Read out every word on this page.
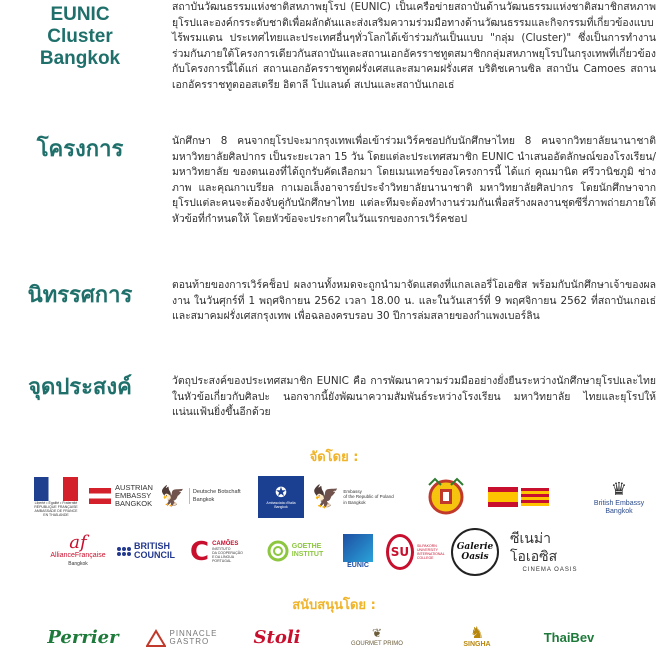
EUNIC
Cluster
Bangkok
สถาบันวัฒนธรรมแห่งชาติสหภาพยุโรป (EUNIC) เป็นเครือข่ายสถาบันด้านวัฒนธรรมแห่งชาติสมาชิกสหภาพยุโรปและองค์กรระดับชาติเพื่อผลักดันและส่งเสริมความร่วมมือทางด้านวัฒนธรรมและกิจกรรมที่เกี่ยวข้องแบบไร้พรมแดน ประเทศไทยและประเทศอื่นๆทั่วโลกได้เข้าร่วมกันเป็นแบบ "กลุ่ม (Cluster)" ซึ่งเป็นการทำงานร่วมกันภายใต้โครงการเดียวกันสถาบันและสถานเอกอัครราชทูตสมาชิกกลุ่มสหภาพยุโรปในกรุงเทพที่เกี่ยวข้องกับโครงการนี้ได้แก่ สถานเอกอัครราชทูตฝรั่งเศสและสมาคมฝรั่งเศส บริติชเคานซิล สถาบัน Camoes สถานเอกอัครราชทูตออสเตรีย อิตาลี โปแลนด์ สเปนและสถาบันเกอเธ่
โครงการ	นักศึกษา 8 คนจากยุโรปจะมากรุงเทพเพื่อเข้าร่วมเวิร์คชอปกับนักศึกษาไทย 8 คนจากวิทยาลัยนานาชาติ มหาวิทยาลัยศิลปากร เป็นระยะเวลา 15 วัน โดยแต่ละประเทศสมาชิก EUNIC นำเสนออัตลักษณ์ของโรงเรียน/ มหาวิทยาลัย ของตนเองที่ได้ถูกรับคัดเลือกมา โดยเมนเทอร์ของโครงการนี้ ได้แก่ คุณมานิต ศรีวานิชภูมิ ช่างภาพ และคุณกาเบรียล กาเมอเล็งอาจารย์ประจำวิทยาลัยนานาชาติ มหาวิทยาลัยศิลปากร โดยนักศึกษาจากยุโรปแต่ละคนจะต้องจับคู่กับนักศึกษาไทย แต่ละทีมจะต้องทำงานร่วมกันเพื่อสร้างผลงานชุดซีรี่ภาพถ่ายภายใต้หัวข้อที่กำหนดให้ โดยหัวข้อจะประกาศในวันแรกของการเวิร์คชอป
นิทรรศการ	ตอนท้ายของการเวิร์คช็อป ผลงานทั้งหมดจะถูกนำมาจัดแสดงที่แกลเลอรี่โอเอซิส พร้อมกับนักศึกษาเจ้าของผลงาน ในวันศุกร์ที่ 1 พฤศจิกายน 2562 เวลา 18.00 น. และในวันเสาร์ที่ 9 พฤศจิกายน 2562 ที่สถาบันเกอเธ่และสมาคมฝรั่งเศสกรุงเทพ เพื่อฉลองครบรอบ 30 ปีการล่มสลายของกำแพงเบอร์ลิน
จุดประสงค์	วัตถุประสงค์ของประเทศสมาชิก EUNIC คือ การพัฒนาความร่วมมืออย่างยั่งยืนระหว่างนักศึกษายุโรปและไทยในหัวข้อเกี่ยวกับศิลปะ นอกจากนี้ยังพัฒนาความสัมพันธ์ระหว่างโรงเรียน มหาวิทยาลัย ไทยและยุโรปให้แน่นแฟ้นยิ่งขึ้นอีกด้วย
จัดโดย :
Liberté • Égalité • Fraternité
RÉPUBLIQUE FRANÇAISE
AMBASSADE DE FRANCE
EN THAÏLANDE
AUSTRIAN
EMBASSY
BANGKOK 🦅 Deutsche Botschaft
Bangkok	✪
Ambasciata d'Italia
Bangkok 🦅 Embassy
of the Republic of Poland
in Bangkok
♛
British Embassy
Bangkok
af
AllianceFrançaise
Bangkok
BRITISH
COUNCIL C CAMÕES
INSTITUTO
DA COOPERAÇÃO
E DA LÍNGUA
PORTUGAL
GOETHE
INSTITUT
EUNIC
SU	SILPAKORN UNIVERSITY
INTERNATIONAL COLLEGE
Galerie
Oasis
ซีเนม่าโอเอซิส
CINEMA OASIS
สนับสนุนโดย :
Perrier	PINNACLE
GASTRO	Stoli	❦
GOURMET PRIMO
♞
SINGHA	ThaiBev
